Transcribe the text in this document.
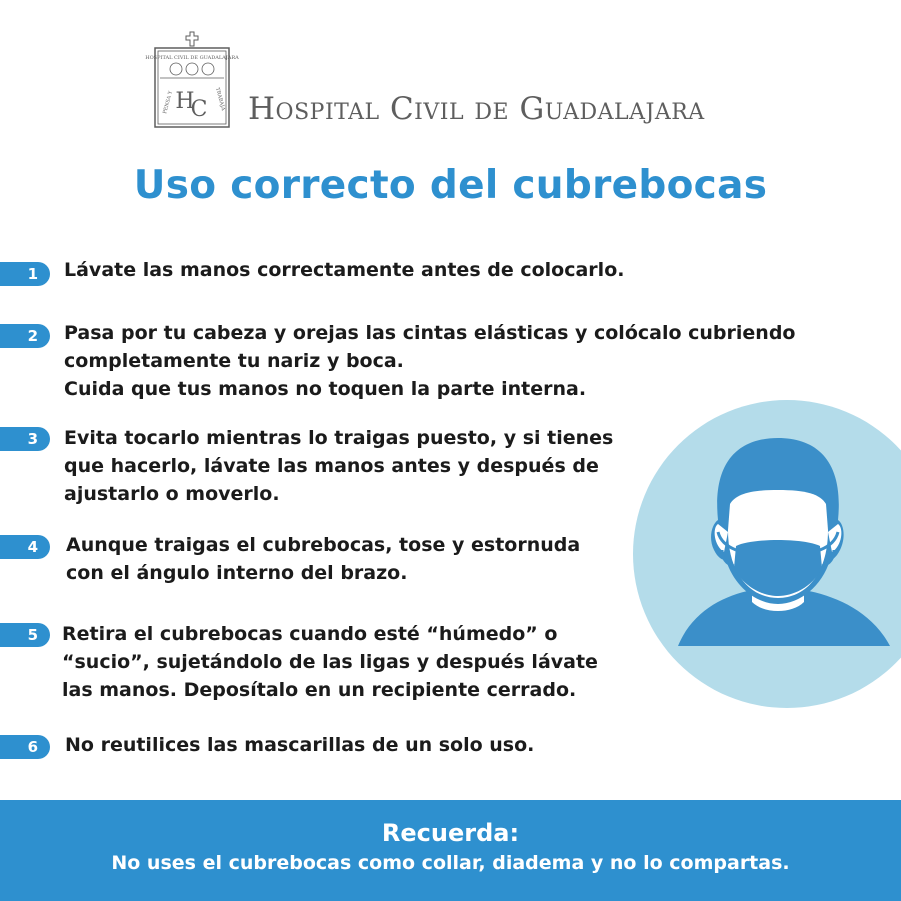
HOSPITAL CIVIL DE GUADALAJARA
H
C
PENSA Y	TRABAJA Hospital Civil de Guadalajara
Uso correcto del cubrebocas
1	Lávate las manos correctamente antes de colocarlo.
2	Pasa por tu cabeza y orejas las cintas elásticas y colócalo cubriendo
completamente tu nariz y boca.
Cuida que tus manos no toquen la parte interna.
3	Evita tocarlo mientras lo traigas puesto, y si tienes
que hacerlo, lávate las manos antes y después de
ajustarlo o moverlo.
4	Aunque traigas el cubrebocas, tose y estornuda
con el ángulo interno del brazo.
5	Retira el cubrebocas cuando esté “húmedo” o
“sucio”, sujetándolo de las ligas y después lávate
las manos. Deposítalo en un recipiente cerrado.
6	No reutilices las mascarillas de un solo uso.
Recuerda:
No uses el cubrebocas como collar, diadema y no lo compartas.
